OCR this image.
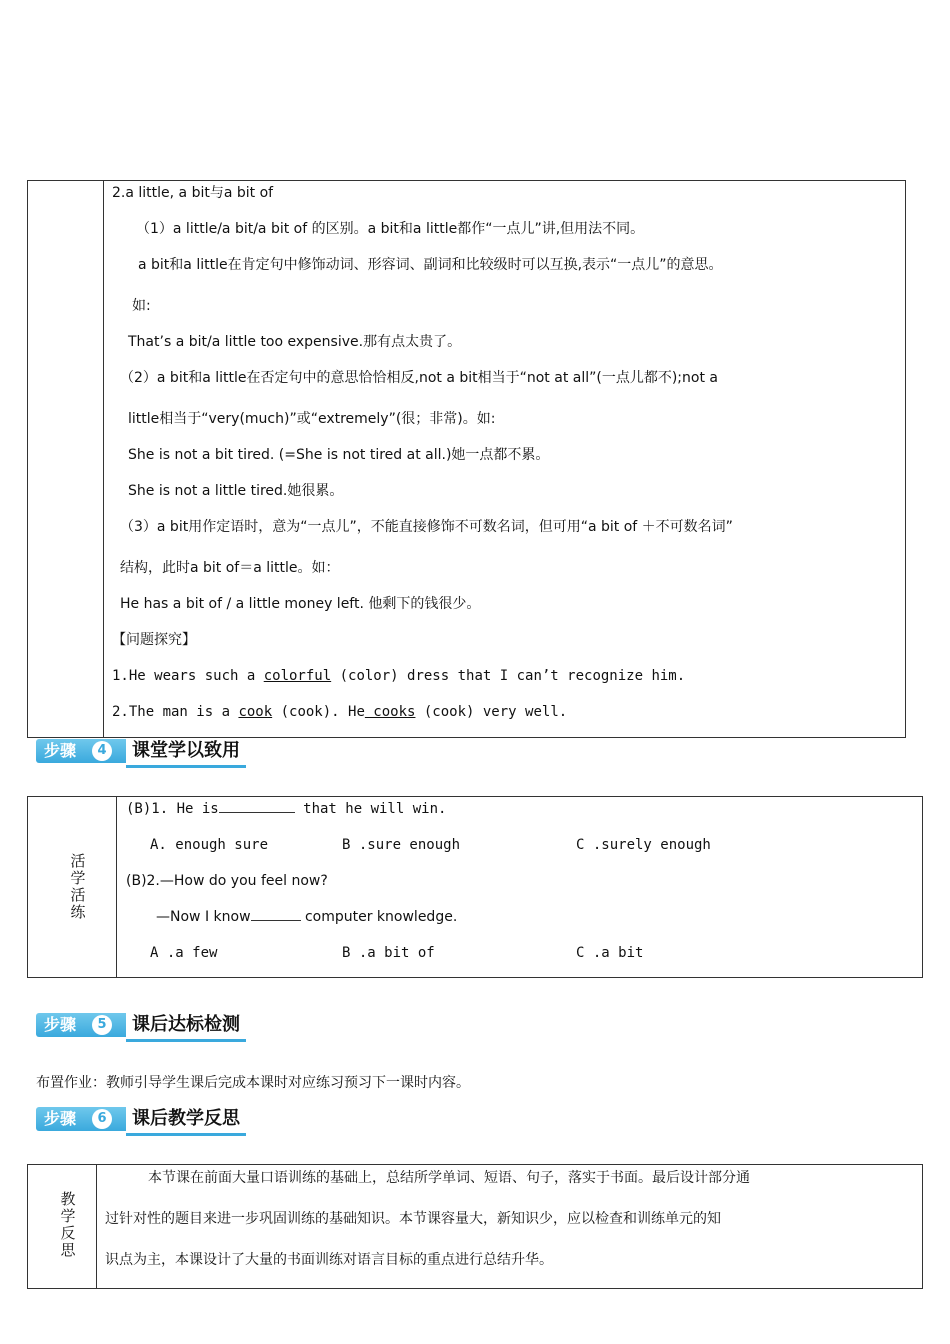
2.a little, a bit与a bit of
（1）a little/a bit/a bit of 的区别。a bit和a little都作“一点儿”讲,但用法不同。
a bit和a little在肯定句中修饰动词、形容词、副词和比较级时可以互换,表示“一点儿”的意思。
如:
That’s a bit/a little too expensive.那有点太贵了。
（2）a bit和a little在否定句中的意思恰恰相反,not a bit相当于“not at all”(一点儿都不);not a
little相当于“very(much)”或“extremely”(很；非常)。如:
She is not a bit tired. (=She is not tired at all.)她一点都不累。
She is not a little tired.她很累。
（3）a bit用作定语时，意为“一点儿”，不能直接修饰不可数名词，但可用“a bit of ＋不可数名词”
结构，此时a bit of＝a little。如：
He has a bit of / a little money left. 他剩下的钱很少。
【问题探究】
1.He wears such a colorful (color) dress that I can’t recognize him.
2.The man is a cook (cook). He cooks (cook) very well.
步骤	4	课堂学以致用
活
学
活
练
(B)1. He is	that he will win.
A. enough sure	B .sure enough	C .surely enough
(B)2.—How do you feel now?
—Now I know	computer knowledge.
A .a few	B .a bit of	C .a bit
步骤	5	课后达标检测
布置作业：教师引导学生课后完成本课时对应练习预习下一课时内容。
步骤	6	课后教学反思
教
学
反
思
本节课在前面大量口语训练的基础上，总结所学单词、短语、句子，落实于书面。最后设计部分通
过针对性的题目来进一步巩固训练的基础知识。本节课容量大，新知识少，应以检查和训练单元的知
识点为主，本课设计了大量的书面训练对语言目标的重点进行总结升华。
